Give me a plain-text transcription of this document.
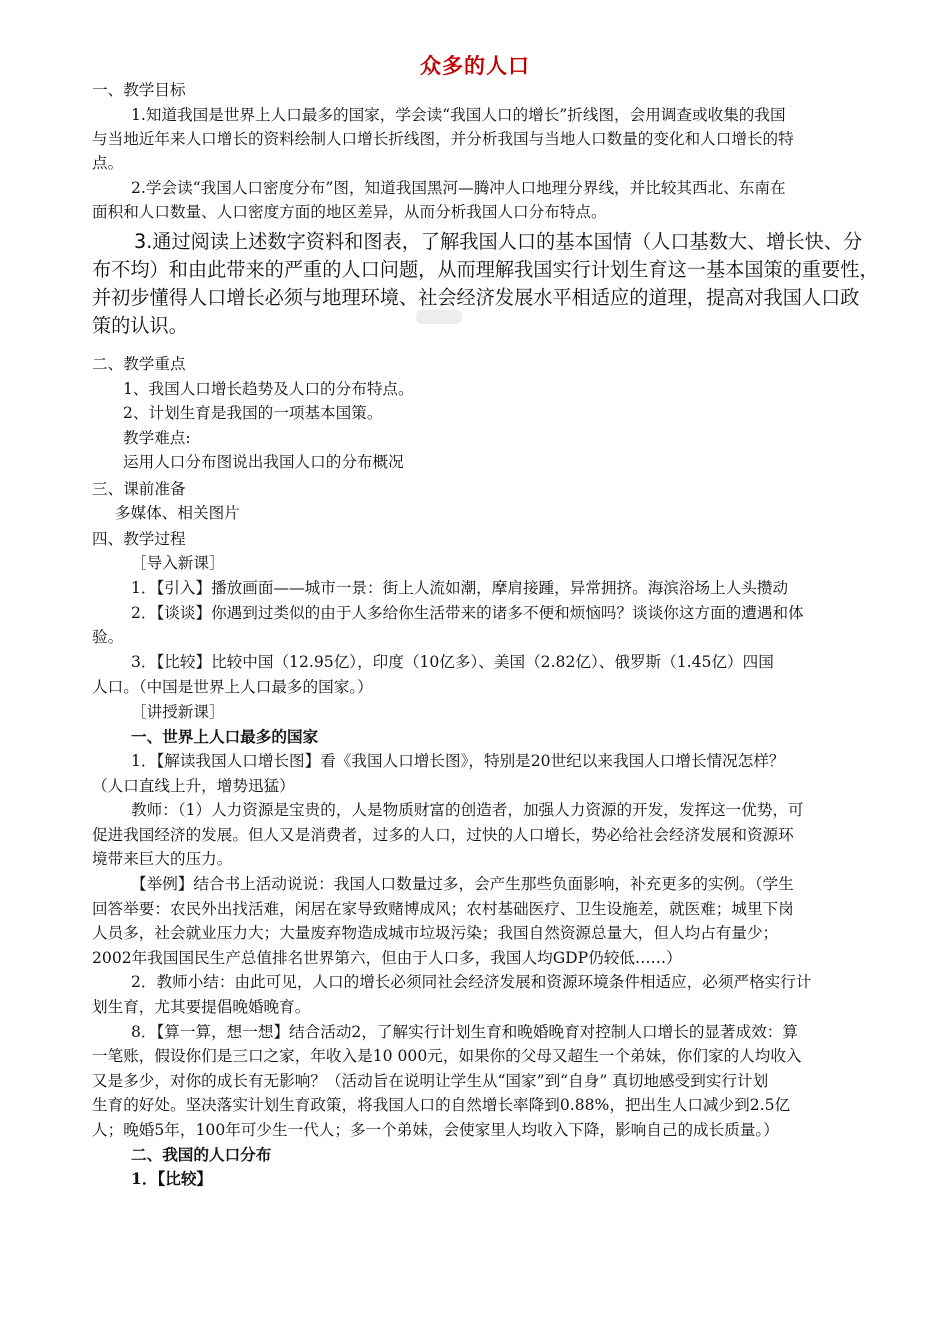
众多的人口
一、教学目标
1.知道我国是世界上人口最多的国家，学会读“我国人口的增长”折线图，会用调查或收集的我国
与当地近年来人口增长的资料绘制人口增长折线图，并分析我国与当地人口数量的变化和人口增长的特
点。
2.学会读“我国人口密度分布”图，知道我国黑河—腾冲人口地理分界线，并比较其西北、东南在
面积和人口数量、人口密度方面的地区差异，从而分析我国人口分布特点。
3.通过阅读上述数字资料和图表，了解我国人口的基本国情（人口基数大、增长快、分
布不均）和由此带来的严重的人口问题，从而理解我国实行计划生育这一基本国策的重要性，
并初步懂得人口增长必须与地理环境、社会经济发展水平相适应的道理，提高对我国人口政
策的认识。
二、教学重点
1、我国人口增长趋势及人口的分布特点。
2、计划生育是我国的一项基本国策。
教学难点:
运用人口分布图说出我国人口的分布概况
三、课前准备
多媒体、相关图片
四、教学过程
［导入新课］
1．【引入】播放画面——城市一景：街上人流如潮，摩肩接踵，异常拥挤。海滨浴场上人头攒动
2．【谈谈】你遇到过类似的由于人多给你生活带来的诸多不便和烦恼吗？谈谈你这方面的遭遇和体
验。
3．【比较】比较中国（12.95亿），印度（10亿多）、美国（2.82亿）、俄罗斯（1.45亿）四国
人口。（中国是世界上人口最多的国家。）
［讲授新课］
一、世界上人口最多的国家
1．【解读我国人口增长图】看《我国人口增长图》，特别是20世纪以来我国人口增长情况怎样？
（人口直线上升，增势迅猛）
教师：（1）人力资源是宝贵的，人是物质财富的创造者，加强人力资源的开发，发挥这一优势，可
促进我国经济的发展。但人又是消费者，过多的人口，过快的人口增长，势必给社会经济发展和资源环
境带来巨大的压力。
【举例】结合书上活动说说：我国人口数量过多，会产生那些负面影响，补充更多的实例。（学生
回答举要：农民外出找活难，闲居在家导致赌博成风；农村基础医疗、卫生设施差，就医难；城里下岗
人员多，社会就业压力大；大量废弃物造成城市垃圾污染；我国自然资源总量大，但人均占有量少；
2002年我国国民生产总值排名世界第六，但由于人口多，我国人均GDP仍较低……）
2．教师小结：由此可见，人口的增长必须同社会经济发展和资源环境条件相适应，必须严格实行计
划生育，尤其要提倡晚婚晚育。
8．【算一算，想一想】结合活动2，了解实行计划生育和晚婚晚育对控制人口增长的显著成效：算
一笔账，假设你们是三口之家，年收入是10 000元，如果你的父母又超生一个弟妹，你们家的人均收入
又是多少，对你的成长有无影响？（活动旨在说明让学生从“国家”到“自身” 真切地感受到实行计划
生育的好处。坚决落实计划生育政策，将我国人口的自然增长率降到0.88%，把出生人口减少到2.5亿
人；晚婚5年，100年可少生一代人；多一个弟妹，会使家里人均收入下降，影响自己的成长质量。）
二、我国的人口分布
1．【比较】
